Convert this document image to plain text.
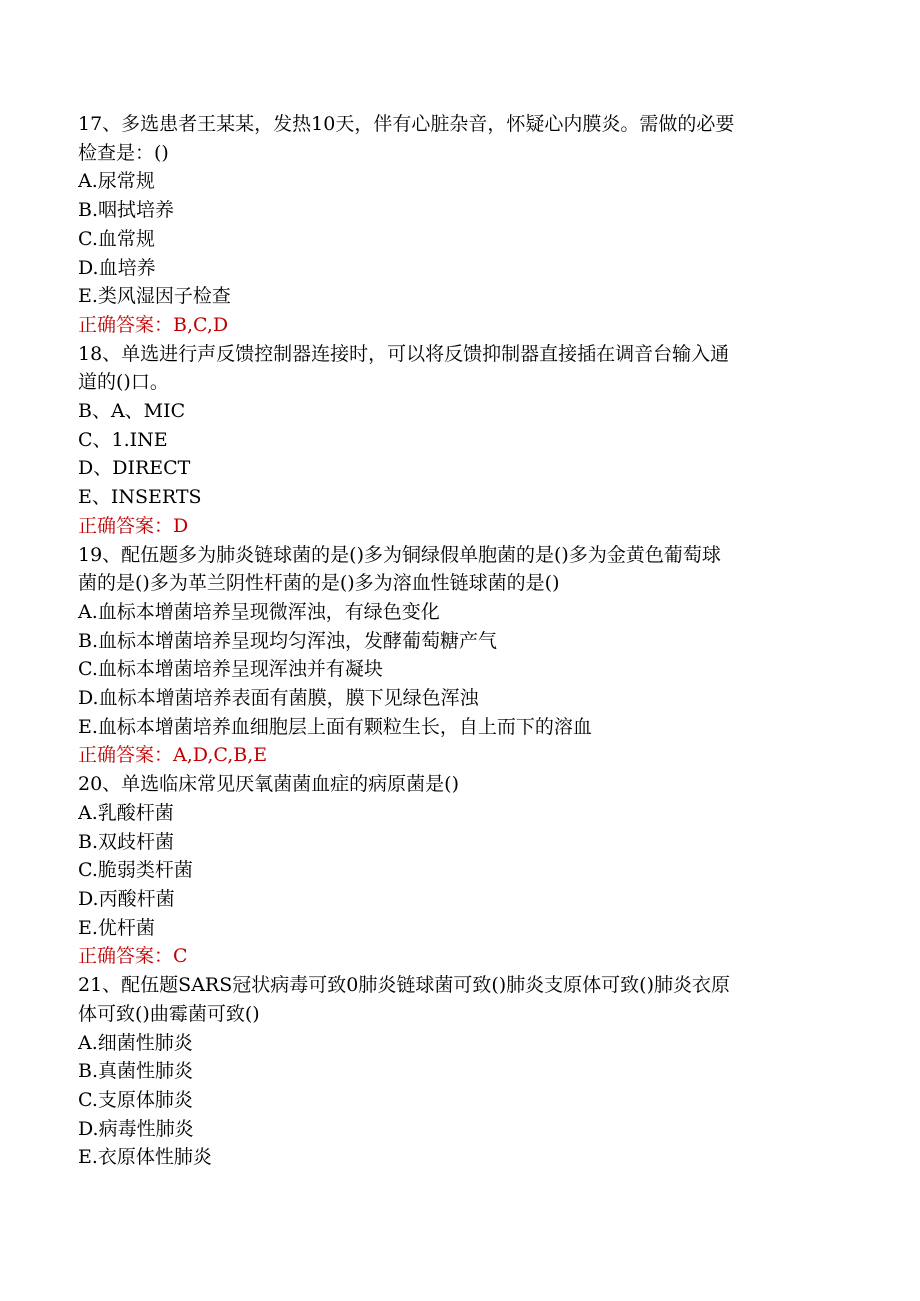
17、多选患者王某某，发热10天，伴有心脏杂音，怀疑心内膜炎。需做的必要

检查是：()

A.尿常规

B.咽拭培养

C.血常规

D.血培养

E.类风湿因子检查

正确答案：B,C,D

18、单选进行声反馈控制器连接时，可以将反馈抑制器直接插在调音台输入通

道的()口。

B、A、MIC

C、1.INE

D、DIRECT

E、INSERTS

正确答案：D

19、配伍题多为肺炎链球菌的是()多为铜绿假单胞菌的是()多为金黄色葡萄球

菌的是()多为革兰阴性杆菌的是()多为溶血性链球菌的是()

A.血标本增菌培养呈现微浑浊，有绿色变化

B.血标本增菌培养呈现均匀浑浊，发酵葡萄糖产气

C.血标本增菌培养呈现浑浊并有凝块

D.血标本增菌培养表面有菌膜，膜下见绿色浑浊

E.血标本增菌培养血细胞层上面有颗粒生长，自上而下的溶血

正确答案：A,D,C,B,E

20、单选临床常见厌氧菌菌血症的病原菌是()

A.乳酸杆菌

B.双歧杆菌

C.脆弱类杆菌

D.丙酸杆菌

E.优杆菌

正确答案：C

21、配伍题SARS冠状病毒可致0肺炎链球菌可致()肺炎支原体可致()肺炎衣原

体可致()曲霉菌可致()

A.细菌性肺炎

B.真菌性肺炎

C.支原体肺炎

D.病毒性肺炎

E.衣原体性肺炎
